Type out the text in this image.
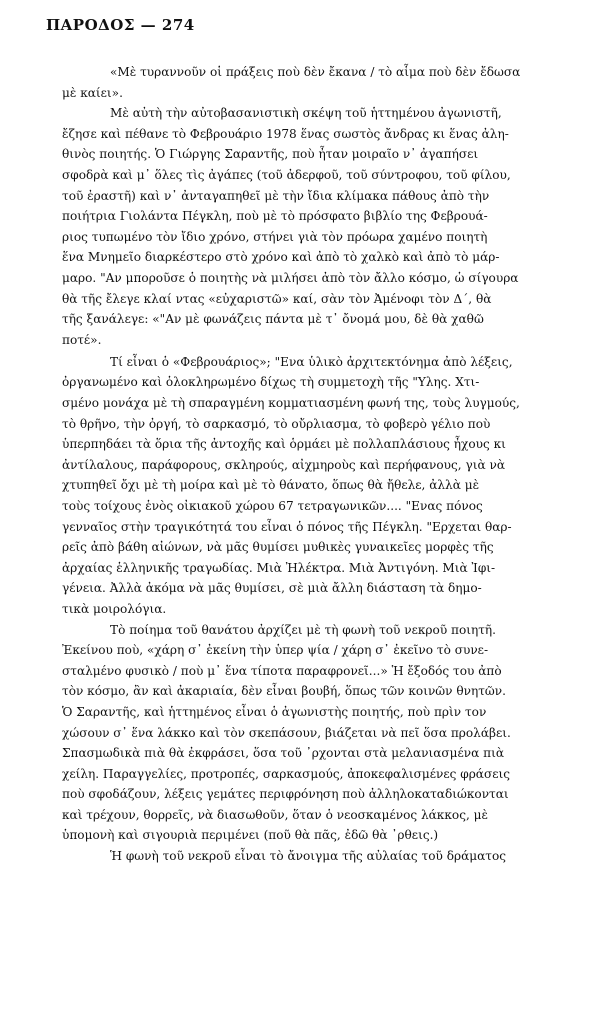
ΠΑΡΟΔΟΣ — 274
«Μὲ τυραννοῦν οἱ πράξεις ποὺ δὲν ἔκανα / τὸ αἷμα ποὺ δὲν ἔδωσα
μὲ καίει».
Μὲ αὐτὴ τὴν αὐτοβασανιστικὴ σκέψη τοῦ ἡττημένου ἀγωνιστῆ,
ἔζησε καὶ πέθανε τὸ Φεβρουάριο 1978 ἕνας σωστὸς ἄνδρας κι ἕνας ἀλη-
θινὸς ποιητής. Ὁ Γιώργης Σαραντῆς, ποὺ ἦταν μοιραῖο ν᾿ ἀγαπήσει
σφοδρὰ καὶ μ᾿ ὅλες τὶς ἀγάπες (τοῦ ἀδερφοῦ, τοῦ σύντροφου, τοῦ φίλου,
τοῦ ἐραστῆ) καὶ ν᾿ ἀνταγαπηθεῖ μὲ τὴν ἴδια κλίμακα πάθους ἀπὸ τὴν
ποιήτρια Γιολάντα Πέγκλη, ποὺ μὲ τὸ πρόσφατο βιβλίο της Φεβρουά-
ριος τυπωμένο τὸν ἴδιο χρόνο, στήνει γιὰ τὸν πρόωρα χαμένο ποιητὴ
ἕνα Μνημεῖο διαρκέστερο στὸ χρόνο καὶ ἀπὸ τὸ χαλκὸ καὶ ἀπὸ τὸ μάρ-
μαρο. "Αν μποροῦσε ὁ ποιητὴς νὰ μιλήσει ἀπὸ τὸν ἄλλο κόσμο, ὡ σίγουρα
θὰ τῆς ἔλεγε κλαί ντας «εὐχαριστῶ» καί, σὰν τὸν Ἀμένοφι τὸν Δ΄, θὰ
τῆς ξανάλεγε: «"Αν μὲ φωνάζεις πάντα μὲ τ᾿ ὄνομά μου, δὲ θὰ χαθῶ
ποτέ».
Τί εἶναι ὁ «Φεβρουάριος»; "Ενα ὑλικὸ ἀρχιτεκτόνημα ἀπὸ λέξεις,
ὀργανωμένο καὶ ὁλοκληρωμένο δίχως τὴ συμμετοχὴ τῆς "Υλης. Χτι-
σμένο μονάχα μὲ τὴ σπαραγμένη κομματιασμένη φωνή της, τοὺς λυγμούς,
τὸ θρῆνο, τὴν ὀργή, τὸ σαρκασμό, τὸ οὔρλιασμα, τὸ φοβερὸ γέλιο ποὺ
ὑπερπηδάει τὰ ὅρια τῆς ἀντοχῆς καὶ ὁρμάει μὲ πολλαπλάσιους ἦχους κι
ἀντίλαλους, παράφορους, σκληρούς, αἰχμηροὺς καὶ περήφανους, γιὰ νὰ
χτυπηθεῖ ὄχι μὲ τὴ μοίρα καὶ μὲ τὸ θάνατο, ὅπως θὰ ἤθελε, ἀλλὰ μὲ
τοὺς τοίχους ἑνὸς οἰκιακοῦ χώρου 67 τετραγωνικῶν.... "Ενας πόνος
γενναῖος στὴν τραγικότητά του εἶναι ὁ πόνος τῆς Πέγκλη. "Ερχεται θαρ-
ρεῖς ἀπὸ βάθη αἰώνων, νὰ μᾶς θυμίσει μυθικὲς γυναικεῖες μορφὲς τῆς
ἀρχαίας ἑλληνικῆς τραγωδίας. Μιὰ Ἠλέκτρα. Μιὰ Ἀντιγόνη. Μιὰ Ἰφι-
γένεια. Ἀλλὰ ἀκόμα νὰ μᾶς θυμίσει, σὲ μιὰ ἄλλη διάσταση τὰ δημο-
τικὰ μοιρολόγια.
Τὸ ποίημα τοῦ θανάτου ἀρχίζει μὲ τὴ φωνὴ τοῦ νεκροῦ ποιητῆ.
Ἐκείνου ποὺ, «χάρη σ᾿ ἐκείνη τὴν ὑπερ ψία / χάρη σ᾿ ἐκεῖνο τὸ συνε-
σταλμένο φυσικὸ / ποὺ μ᾿ ἕνα τίποτα παραφρονεῖ...» Ἡ ἔξοδός του ἀπὸ
τὸν κόσμο, ἂν καὶ ἀκαριαία, δὲν εἶναι βουβή, ὅπως τῶν κοινῶν θνητῶν.
Ὁ Σαραντῆς, καὶ ἡττημένος εἶναι ὁ ἀγωνιστὴς ποιητής, ποὺ πρὶν τον
χώσουν σ᾿ ἕνα λάκκο καὶ τὸν σκεπάσουν, βιάζεται νὰ πεῖ ὅσα προλάβει.
Σπασμωδικὰ πιὰ θὰ ἐκφράσει, ὅσα τοῦ ᾿ρχονται στὰ μελανιασμένα πιὰ
χείλη. Παραγγελίες, προτροπές, σαρκασμούς, ἀποκεφαλισμένες φράσεις
ποὺ σφοδάζουν, λέξεις γεμάτες περιφρόνηση ποὺ ἀλληλοκαταδιώκονται
καὶ τρέχουν, θορρεῖς, νὰ διασωθοῦν, ὅταν ὁ νεοσκαμένος λάκκος, μὲ
ὑπομονὴ καὶ σιγουριὰ περιμένει (ποῦ θὰ πᾶς, ἐδῶ θὰ ᾿ρθεις.)
Ἡ φωνὴ τοῦ νεκροῦ εἶναι τὸ ἄνοιγμα τῆς αὐλαίας τοῦ δράματος
